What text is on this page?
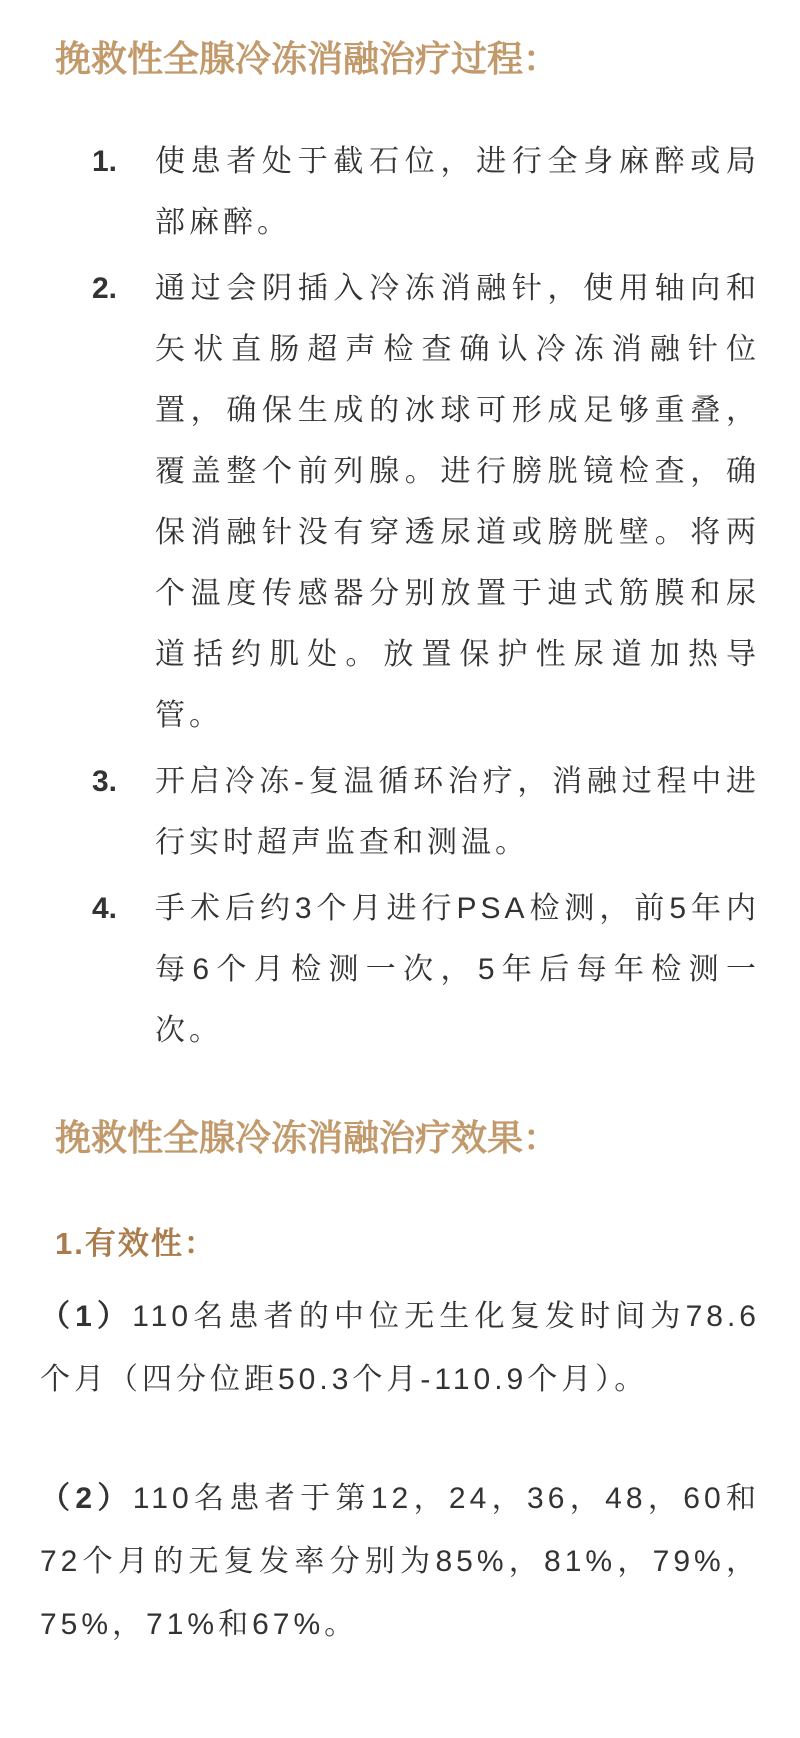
挽救性全腺冷冻消融治疗过程：
1.	使患者处于截石位，进行全身麻醉或局部麻醉。
2.	通过会阴插入冷冻消融针，使用轴向和矢状直肠超声检查确认冷冻消融针位置，确保生成的冰球可形成足够重叠，覆盖整个前列腺。进行膀胱镜检查，确保消融针没有穿透尿道或膀胱壁。将两个温度传感器分别放置于迪式筋膜和尿道括约肌处。放置保护性尿道加热导管。
3.	开启冷冻-复温循环治疗，消融过程中进行实时超声监查和测温。
4.	手术后约3个月进行PSA检测，前5年内每6个月检测一次，5年后每年检测一次。
挽救性全腺冷冻消融治疗效果：
1.有效性：

（1）110名患者的中位无生化复发时间为78.6个月（四分位距50.3个月-110.9个月）。

（2）110名患者于第12，24，36，48，60和72个月的无复发率分别为85%，81%，79%，75%，71%和67%。
